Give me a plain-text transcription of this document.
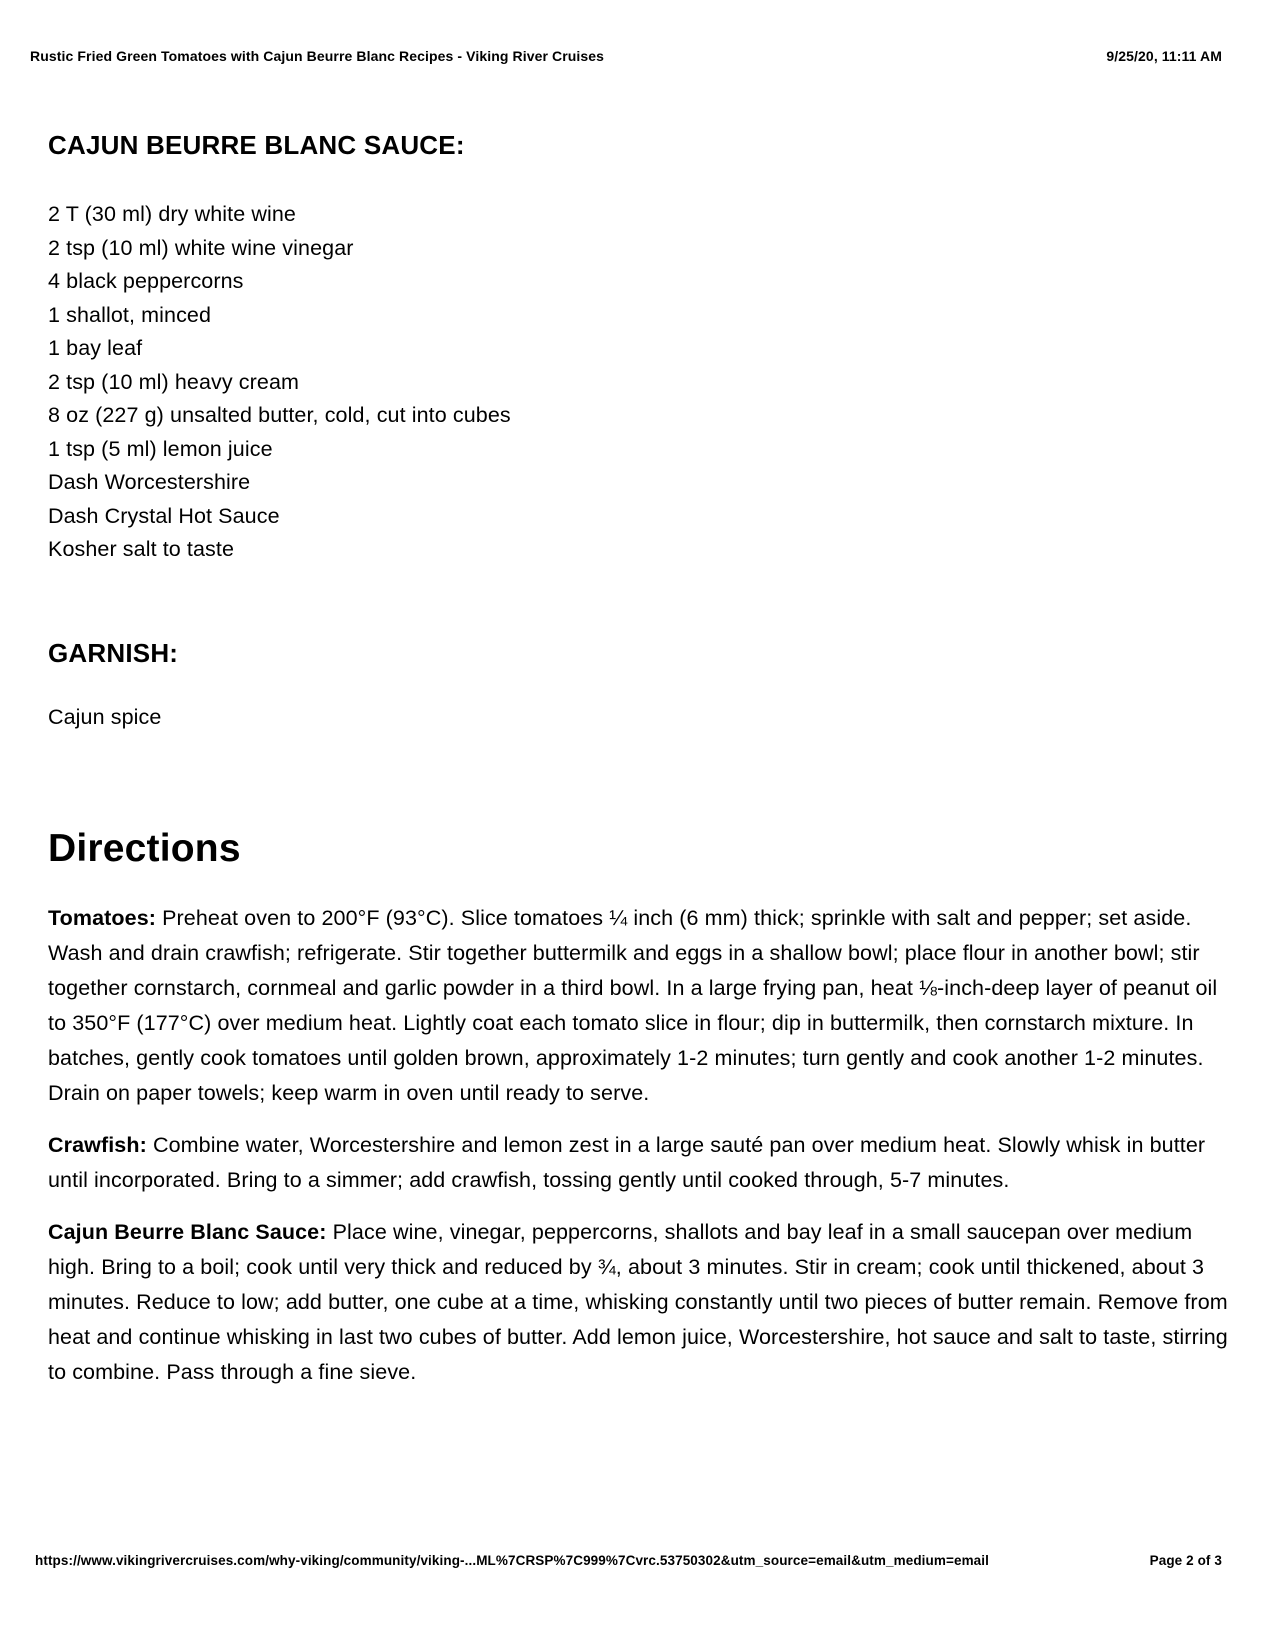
Rustic Fried Green Tomatoes with Cajun Beurre Blanc Recipes - Viking River Cruises	9/25/20, 11:11 AM
CAJUN BEURRE BLANC SAUCE:
2 T (30 ml) dry white wine
2 tsp (10 ml) white wine vinegar
4 black peppercorns
1 shallot, minced
1 bay leaf
2 tsp (10 ml) heavy cream
8 oz (227 g) unsalted butter, cold, cut into cubes
1 tsp (5 ml) lemon juice
Dash Worcestershire
Dash Crystal Hot Sauce
Kosher salt to taste
GARNISH:

Cajun spice

Directions

Tomatoes: Preheat oven to 200°F (93°C). Slice tomatoes ¼ inch (6 mm) thick; sprinkle with salt and pepper; set aside. Wash and drain crawfish; refrigerate. Stir together buttermilk and eggs in a shallow bowl; place flour in another bowl; stir together cornstarch, cornmeal and garlic powder in a third bowl. In a large frying pan, heat ⅛-inch-deep layer of peanut oil to 350°F (177°C) over medium heat. Lightly coat each tomato slice in flour; dip in buttermilk, then cornstarch mixture. In batches, gently cook tomatoes until golden brown, approximately 1-2 minutes; turn gently and cook another 1-2 minutes. Drain on paper towels; keep warm in oven until ready to serve.

Crawfish: Combine water, Worcestershire and lemon zest in a large sauté pan over medium heat. Slowly whisk in butter until incorporated. Bring to a simmer; add crawfish, tossing gently until cooked through, 5-7 minutes.

Cajun Beurre Blanc Sauce: Place wine, vinegar, peppercorns, shallots and bay leaf in a small saucepan over medium high. Bring to a boil; cook until very thick and reduced by ¾, about 3 minutes. Stir in cream; cook until thickened, about 3 minutes. Reduce to low; add butter, one cube at a time, whisking constantly until two pieces of butter remain. Remove from heat and continue whisking in last two cubes of butter. Add lemon juice, Worcestershire, hot sauce and salt to taste, stirring to combine. Pass through a fine sieve.

https://www.vikingrivercruises.com/why-viking/community/viking-...ML%7CRSP%7C999%7Cvrc.53750302&utm_source=email&utm_medium=email	Page 2 of 3
